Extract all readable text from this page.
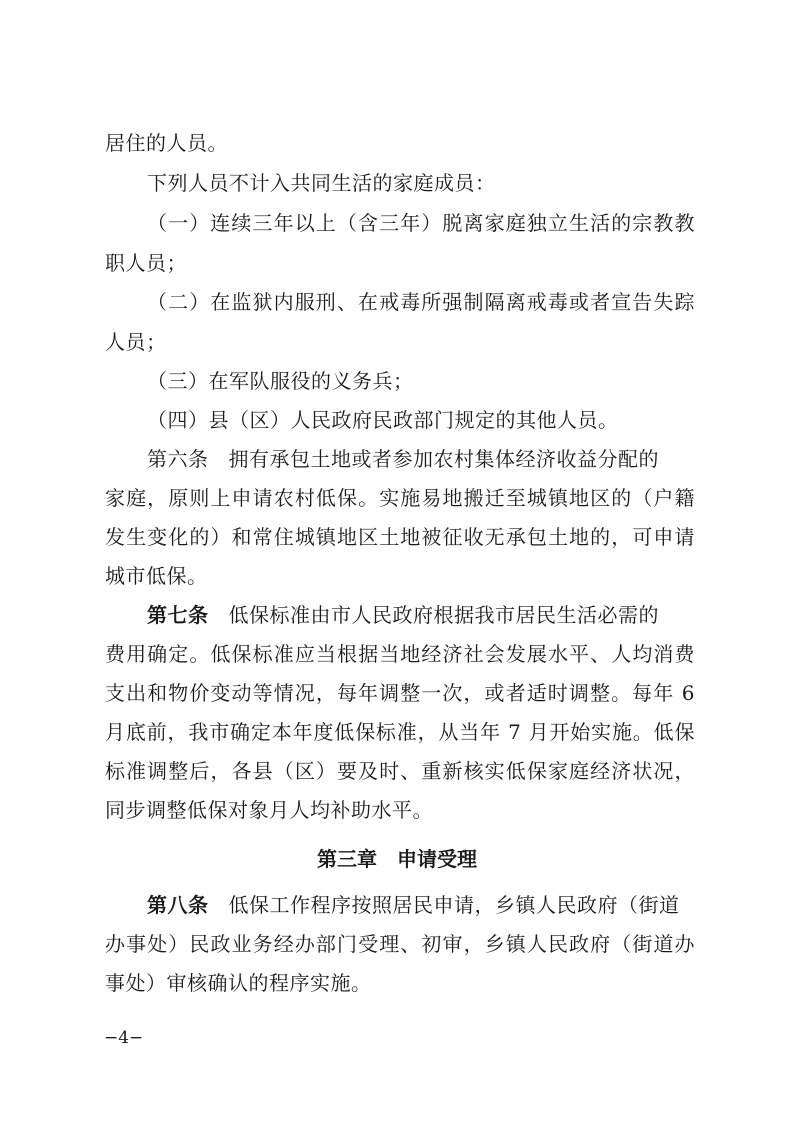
居住的人员。
下列人员不计入共同生活的家庭成员：
（一）连续三年以上（含三年）脱离家庭独立生活的宗教教
职人员；
（二）在监狱内服刑、在戒毒所强制隔离戒毒或者宣告失踪
人员；
（三）在军队服役的义务兵；
（四）县（区）人民政府民政部门规定的其他人员。
第六条 拥有承包土地或者参加农村集体经济收益分配的
家庭，原则上申请农村低保。实施易地搬迁至城镇地区的（户籍
发生变化的）和常住城镇地区土地被征收无承包土地的，可申请
城市低保。
第七条 低保标准由市人民政府根据我市居民生活必需的
费用确定。低保标准应当根据当地经济社会发展水平、人均消费
支出和物价变动等情况，每年调整一次，或者适时调整。每年 6
月底前，我市确定本年度低保标准，从当年 7 月开始实施。低保
标准调整后，各县（区）要及时、重新核实低保家庭经济状况，
同步调整低保对象月人均补助水平。
第三章　申请受理
第八条 低保工作程序按照居民申请，乡镇人民政府（街道
办事处）民政业务经办部门受理、初审，乡镇人民政府（街道办
事处）审核确认的程序实施。
−4−
